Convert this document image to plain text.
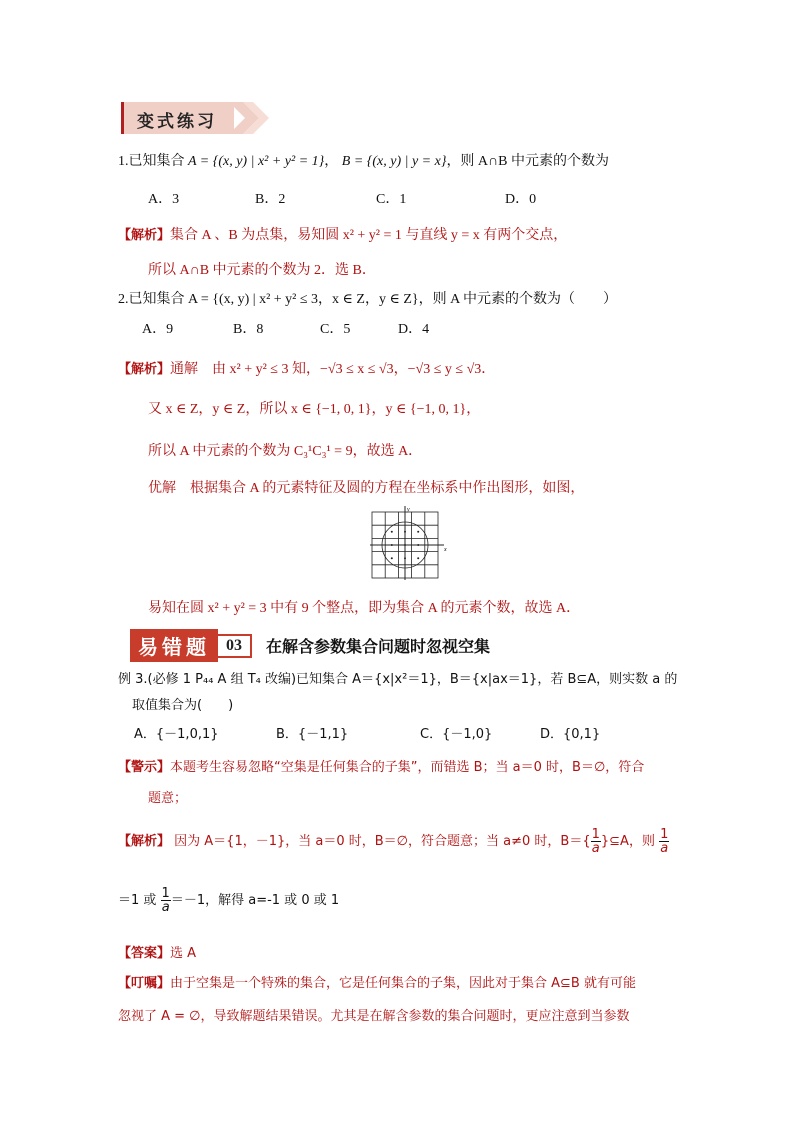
变式练习
1.已知集合 A = {(x, y) | x² + y² = 1}， B = {(x, y) | y = x}，则 A∩B 中元素的个数为
A．3	B．2	C．1	D．0
【解析】集合 A 、B 为点集，易知圆 x² + y² = 1 与直线 y = x 有两个交点，
所以 A∩B 中元素的个数为 2．选 B．
2.已知集合 A = {(x, y) | x² + y² ≤ 3，x ∈ Z，y ∈ Z}，则 A 中元素的个数为（　　）
A．9	B．8	C．5	D．4
【解析】通解　由 x² + y² ≤ 3 知，−√3 ≤ x ≤ √3，−√3 ≤ y ≤ √3．
又 x ∈ Z，y ∈ Z，所以 x ∈ {−1, 0, 1}，y ∈ {−1, 0, 1}，
所以 A 中元素的个数为 C₃¹C₃¹ = 9，故选 A．
优解　根据集合 A 的元素特征及圆的方程在坐标系中作出图形，如图，
y
x
易知在圆 x² + y² = 3 中有 9 个整点，即为集合 A 的元素个数，故选 A．
易错题 03 在解含参数集合问题时忽视空集
例 3.(必修 1 P₄₄ A 组 T₄ 改编)已知集合 A＝{x|x²＝1}，B＝{x|ax＝1}，若 B⊆A，则实数 a 的
取值集合为(　　)
A．{－1,0,1}	B．{－1,1}	C．{－1,0}	D．{0,1}
【警示】本题考生容易忽略“空集是任何集合的子集”，而错选 B；当 a＝0 时，B＝∅，符合
题意；
【解析】 因为 A＝{1，－1}，当 a＝0 时，B＝∅，符合题意；当 a≠0 时，$B=\{ \frac{1}{a}$ }⊆A，则 $\frac{1}{a}$
＝1 或 $\frac{1}{a} =-1$，解得 a=-1 或 0 或 1
【答案】选 A
【叮嘱】由于空集是一个特殊的集合，它是任何集合的子集，因此对于集合 A⊆B 就有可能
忽视了 A = ∅，导致解题结果错误。尤其是在解含参数的集合问题时，更应注意到当参数
